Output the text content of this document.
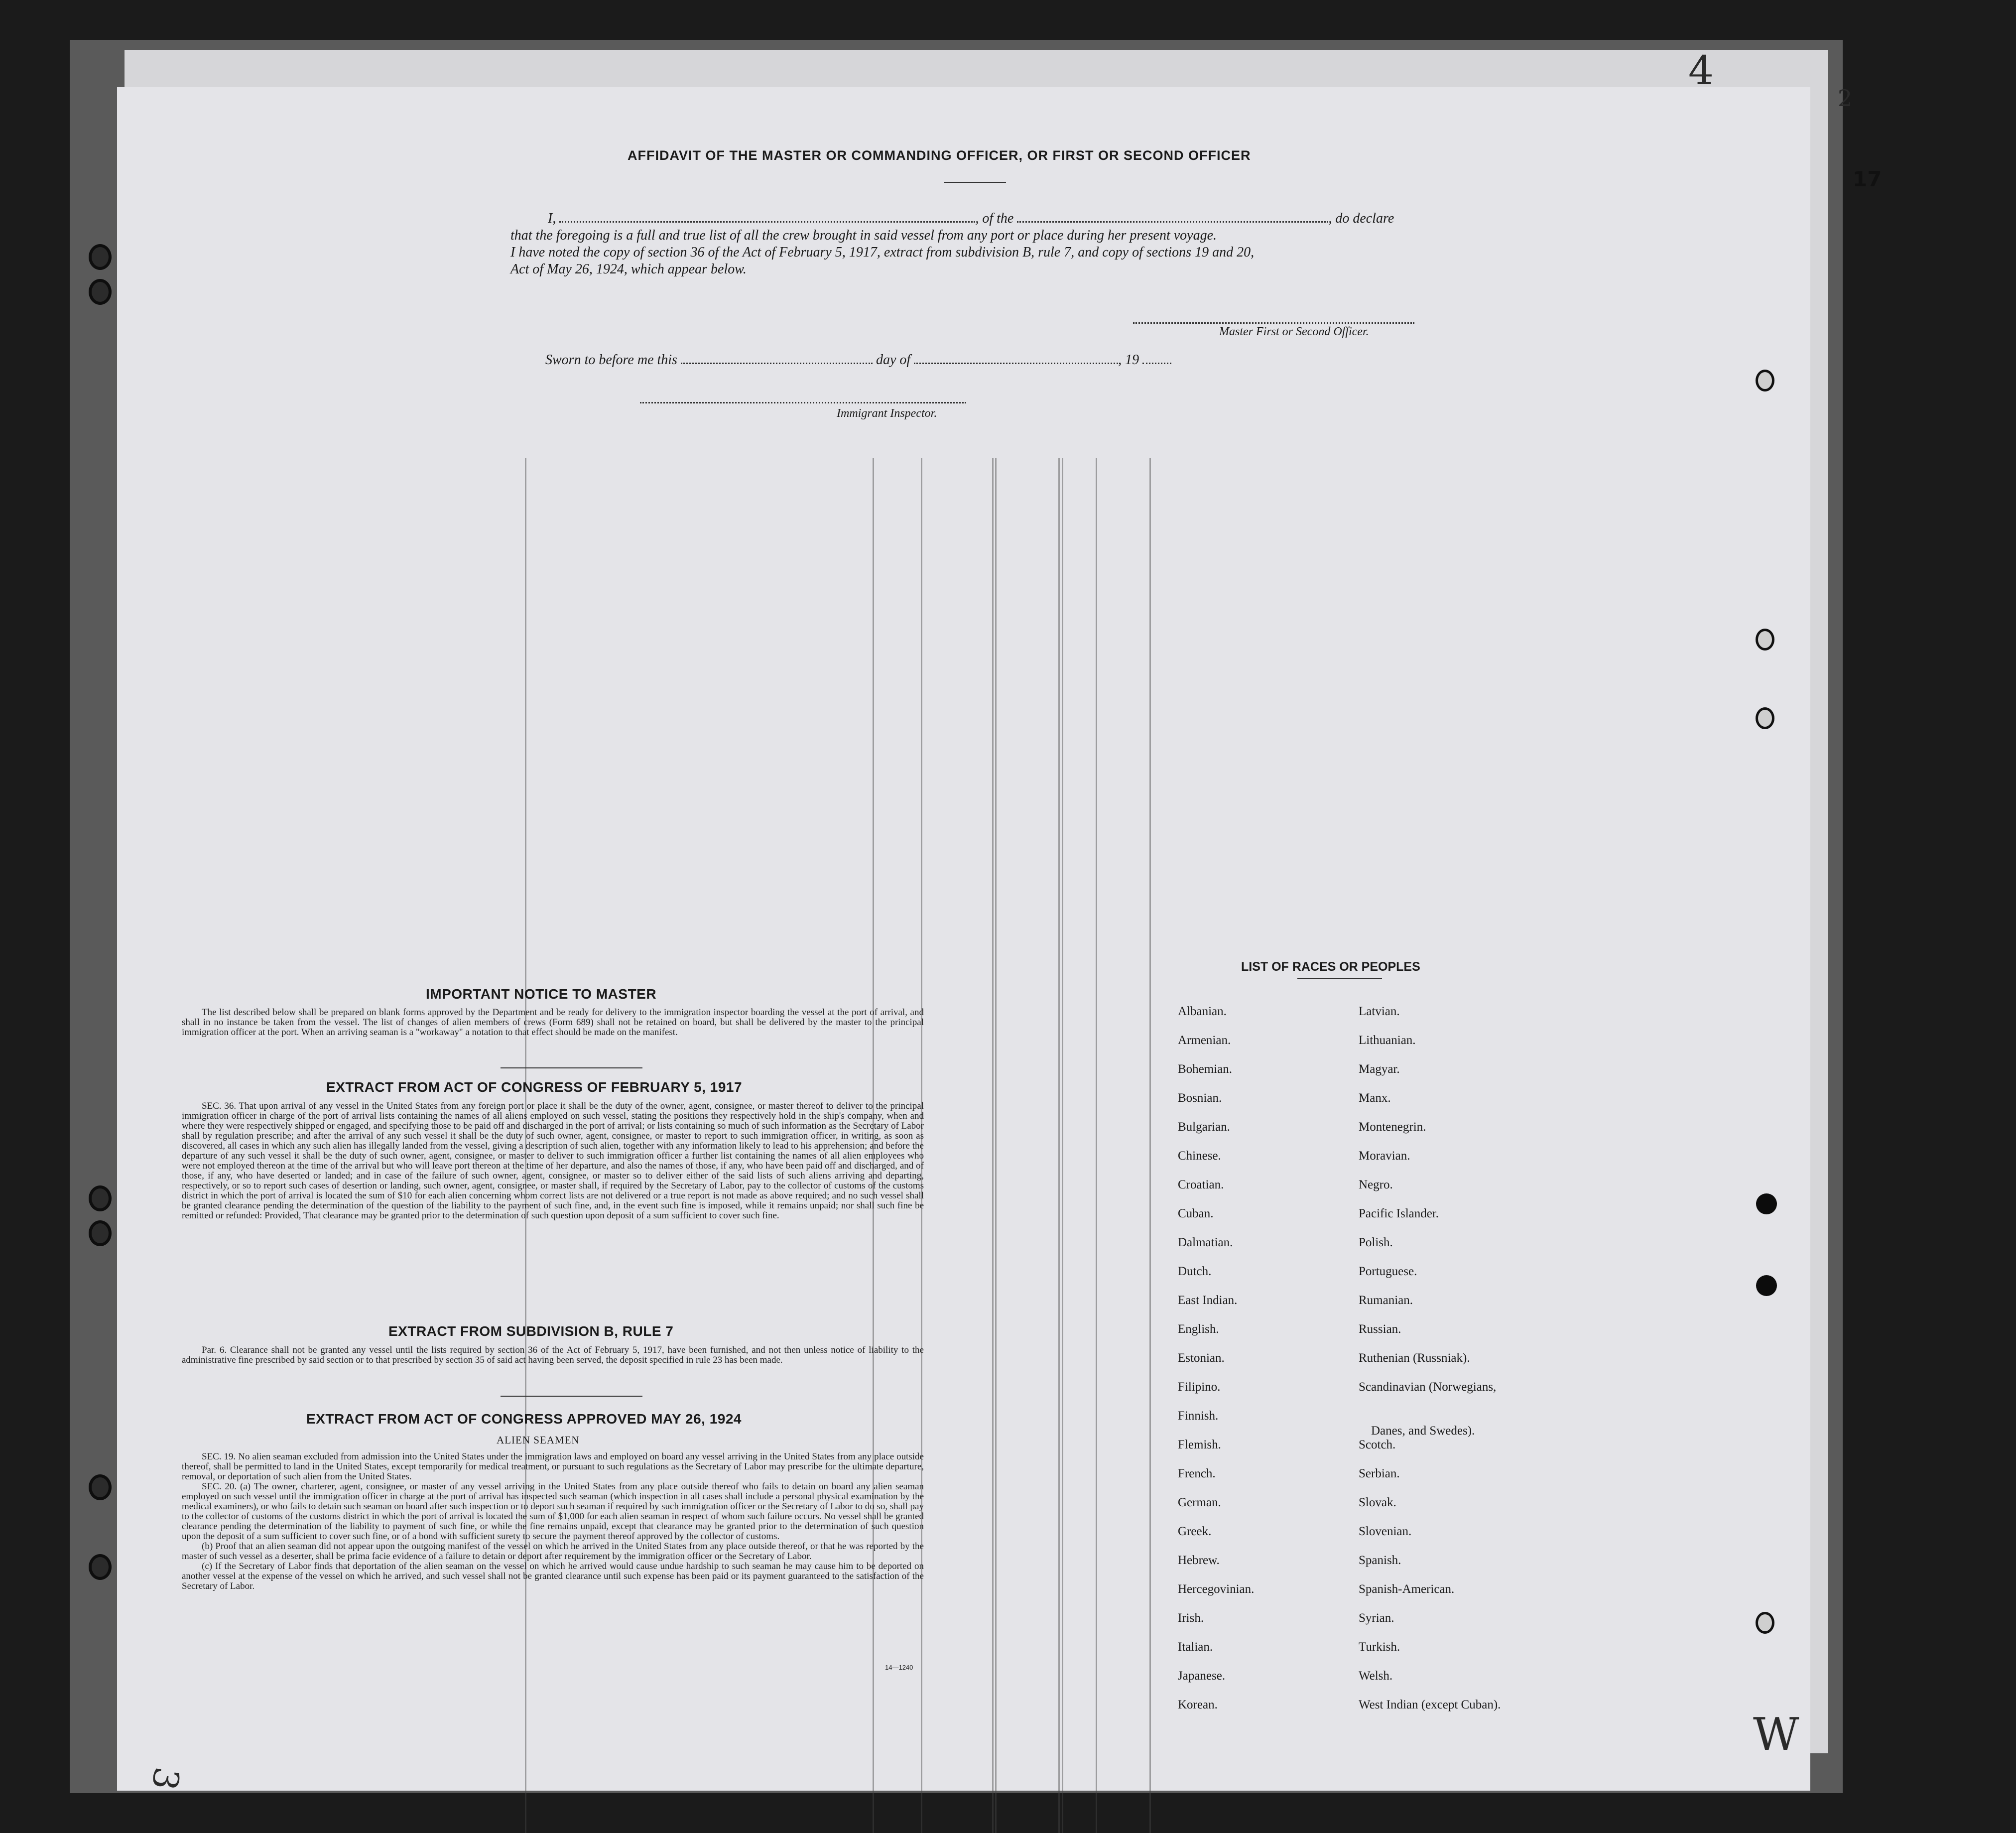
AFFIDAVIT OF THE MASTER OR COMMANDING OFFICER, OR FIRST OR SECOND OFFICER
I,	, of the	, do declare
that the foregoing is a full and true list of all the crew brought in said vessel from any port or place during her present voyage.
I have noted the copy of section 36 of the Act of February 5, 1917, extract from subdivision B, rule 7, and copy of sections 19 and 20,
Act of May 26, 1924, which appear below.
Master First or Second Officer.
Sworn to before me this	day of	, 19
Immigrant Inspector.
IMPORTANT NOTICE TO MASTER

The list described below shall be prepared on blank forms approved by the Department and be ready for delivery to the immigration inspector boarding the vessel at the port of arrival, and shall in no instance be taken from the vessel. The list of changes of alien members of crews (Form 689) shall not be retained on board, but shall be delivered by the master to the principal immigration officer at the port. When an arriving seaman is a "workaway" a notation to that effect should be made on the manifest.

EXTRACT FROM ACT OF CONGRESS OF FEBRUARY 5, 1917

SEC. 36. That upon arrival of any vessel in the United States from any foreign port or place it shall be the duty of the owner, agent, consignee, or master thereof to deliver to the principal immigration officer in charge of the port of arrival lists containing the names of all aliens employed on such vessel, stating the positions they respectively hold in the ship's company, when and where they were respectively shipped or engaged, and specifying those to be paid off and discharged in the port of arrival; or lists containing so much of such information as the Secretary of Labor shall by regulation prescribe; and after the arrival of any such vessel it shall be the duty of such owner, agent, consignee, or master to report to such immigration officer, in writing, as soon as discovered, all cases in which any such alien has illegally landed from the vessel, giving a description of such alien, together with any information likely to lead to his apprehension; and before the departure of any such vessel it shall be the duty of such owner, agent, consignee, or master to deliver to such immigration officer a further list containing the names of all alien employees who were not employed thereon at the time of the arrival but who will leave port thereon at the time of her departure, and also the names of those, if any, who have been paid off and discharged, and of those, if any, who have deserted or landed; and in case of the failure of such owner, agent, consignee, or master so to deliver either of the said lists of such aliens arriving and departing, respectively, or so to report such cases of desertion or landing, such owner, agent, consignee, or master shall, if required by the Secretary of Labor, pay to the collector of customs of the customs district in which the port of arrival is located the sum of $10 for each alien concerning whom correct lists are not delivered or a true report is not made as above required; and no such vessel shall be granted clearance pending the determination of the question of the liability to the payment of such fine, and, in the event such fine is imposed, while it remains unpaid; nor shall such fine be remitted or refunded: Provided, That clearance may be granted prior to the determination of such question upon deposit of a sum sufficient to cover such fine.

EXTRACT FROM SUBDIVISION B, RULE 7

Par. 6. Clearance shall not be granted any vessel until the lists required by section 36 of the Act of February 5, 1917, have been furnished, and not then unless notice of liability to the administrative fine prescribed by said section or to that prescribed by section 35 of said act having been served, the deposit specified in rule 23 has been made.

EXTRACT FROM ACT OF CONGRESS APPROVED MAY 26, 1924
ALIEN SEAMEN

SEC. 19. No alien seaman excluded from admission into the United States under the immigration laws and employed on board any vessel arriving in the United States from any place outside thereof, shall be permitted to land in the United States, except temporarily for medical treatment, or pursuant to such regulations as the Secretary of Labor may prescribe for the ultimate departure, removal, or deportation of such alien from the United States.

SEC. 20. (a) The owner, charterer, agent, consignee, or master of any vessel arriving in the United States from any place outside thereof who fails to detain on board any alien seaman employed on such vessel until the immigration officer in charge at the port of arrival has inspected such seaman (which inspection in all cases shall include a personal physical examination by the medical examiners), or who fails to detain such seaman on board after such inspection or to deport such seaman if required by such immigration officer or the Secretary of Labor to do so, shall pay to the collector of customs of the customs district in which the port of arrival is located the sum of $1,000 for each alien seaman in respect of whom such failure occurs. No vessel shall be granted clearance pending the determination of the liability to payment of such fine, or while the fine remains unpaid, except that clearance may be granted prior to the determination of such question upon the deposit of a sum sufficient to cover such fine, or of a bond with sufficient surety to secure the payment thereof approved by the collector of customs.

(b) Proof that an alien seaman did not appear upon the outgoing manifest of the vessel on which he arrived in the United States from any place outside thereof, or that he was reported by the master of such vessel as a deserter, shall be prima facie evidence of a failure to detain or deport after requirement by the immigration officer or the Secretary of Labor.

(c) If the Secretary of Labor finds that deportation of the alien seaman on the vessel on which he arrived would cause undue hardship to such seaman he may cause him to be deported on another vessel at the expense of the vessel on which he arrived, and such vessel shall not be granted clearance until such expense has been paid or its payment guaranteed to the satisfaction of the Secretary of Labor.

14—1240
LIST OF RACES OR PEOPLES
Albanian.
Armenian.
Bohemian.
Bosnian.
Bulgarian.
Chinese.
Croatian.
Cuban.
Dalmatian.
Dutch.
East Indian.
English.
Estonian.
Filipino.
Finnish.
Flemish.
French.
German.
Greek.
Hebrew.
Hercegovinian.
Irish.
Italian.
Japanese.
Korean.
Latvian.
Lithuanian.
Magyar.
Manx.
Montenegrin.
Moravian.
Negro.
Pacific Islander.
Polish.
Portuguese.
Rumanian.
Russian.
Ruthenian (Russniak).
Scandinavian (Norwegians,
Danes, and Swedes).
Scotch.
Serbian.
Slovak.
Slovenian.
Spanish.
Spanish-American.
Syrian.
Turkish.
Welsh.
West Indian (except Cuban).
4
17
2
3
W
